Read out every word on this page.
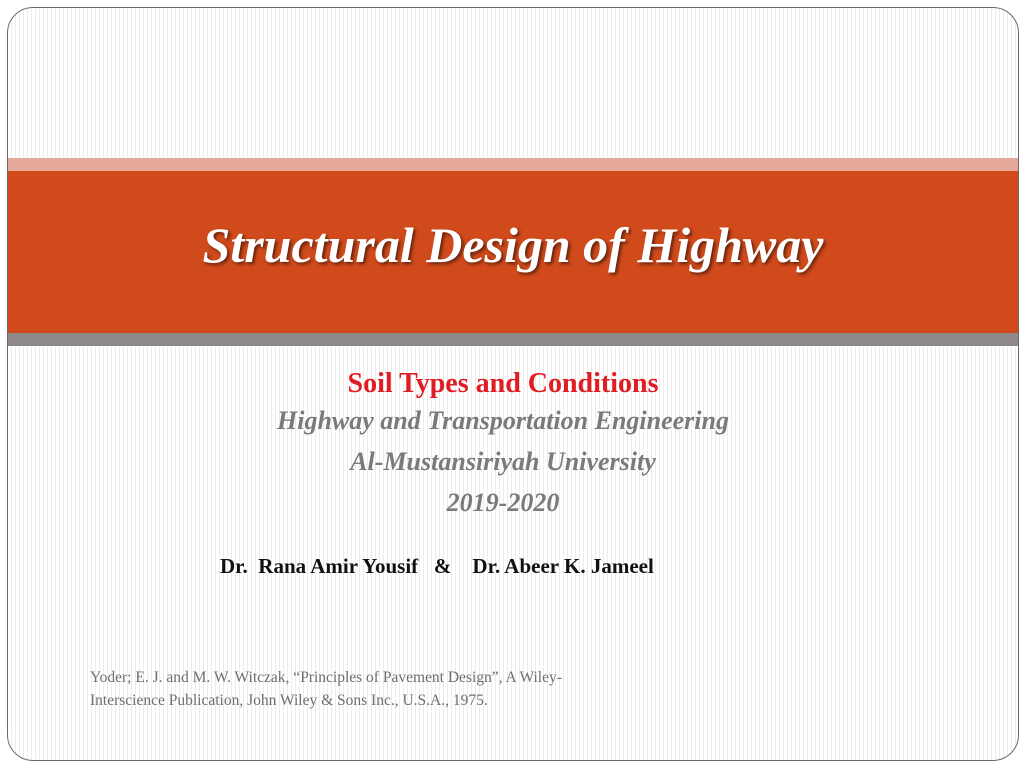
Structural Design of Highway

Soil Types and Conditions

Highway and Transportation Engineering

Al-Mustansiriyah University

2019-2020

Dr.  Rana Amir Yousif   &    Dr. Abeer K. Jameel

Yoder; E. J. and M. W. Witczak, “Principles of Pavement Design”, A Wiley-
Interscience Publication, John Wiley & Sons Inc., U.S.A., 1975.
